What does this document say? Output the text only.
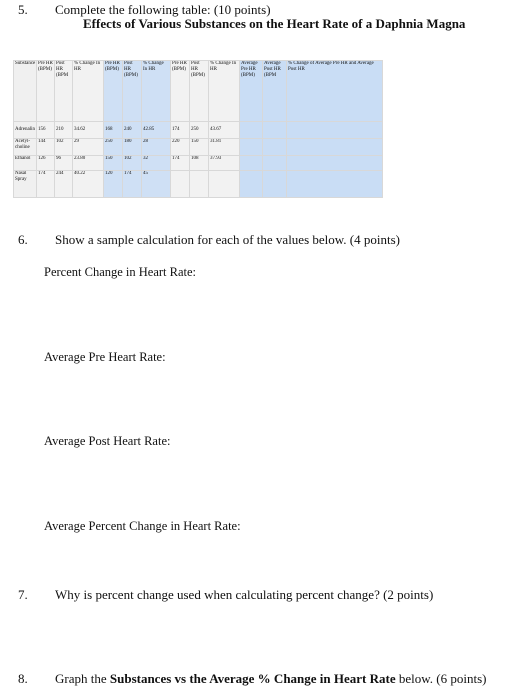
5. Complete the following table: (10 points)
Effects of Various Substances on the Heart Rate of a Daphnia Magna
Substance	Pre HR (BPM)	Post HR (BPM	% Change In HR	Pre HR (BPM)	Post HR (BPM)	% Change In HR	Pre HR (BPM)	Post HR (BPM)	% Change In HR	Average Pre HR (BPM)	Average Post HR (BPM	% Change of Average Pre HR and Average Post HR

Adrenalin	156	210	34.62	168	240	42.85	174	250	43.67			
Acetyl-choline	144	102	29	250	180	28	220	150	31.81			
Ethanol	126	96	23.80	150	102	32	174	108	37.93			
Nasal Spray	174	244	40.22	120	174	45						
6. Show a sample calculation for each of the values below. (4 points)
Percent Change in Heart Rate:
Average Pre Heart Rate:
Average Post Heart Rate:
Average Percent Change in Heart Rate:
7. Why is percent change used when calculating percent change? (2 points)
8. Graph the Substances vs the Average % Change in Heart Rate below. (6 points)
